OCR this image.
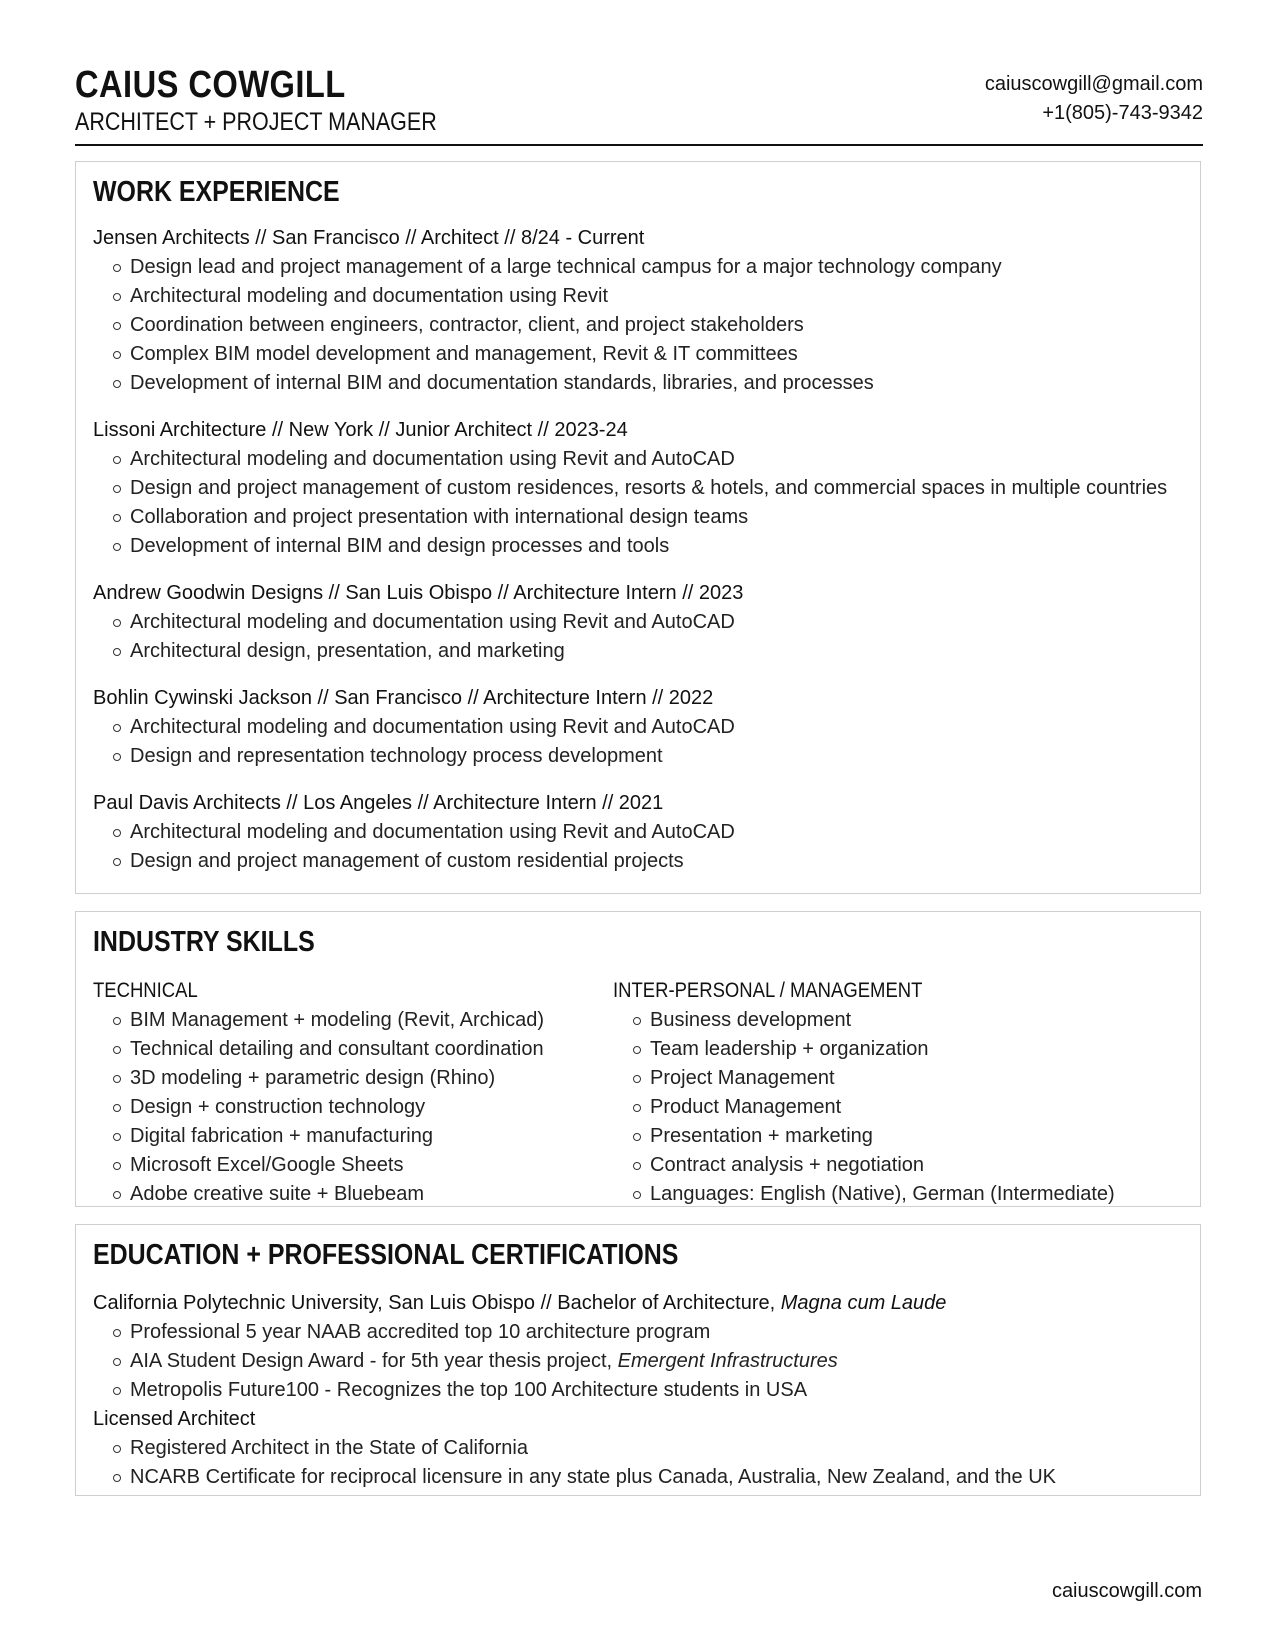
CAIUS COWGILL
ARCHITECT + PROJECT MANAGER
caiuscowgill@gmail.com
+1(805)-743-9342
WORK EXPERIENCE
Jensen Architects // San Francisco // Architect // 8/24 - Current
Design lead and project management of a large technical campus for a major technology company
Architectural modeling and documentation using Revit
Coordination between engineers, contractor, client, and project stakeholders
Complex BIM model development and management, Revit & IT committees
Development of internal BIM and documentation standards, libraries, and processes
Lissoni Architecture // New York // Junior Architect // 2023-24
Architectural modeling and documentation using Revit and AutoCAD
Design and project management of custom residences, resorts & hotels, and commercial spaces in multiple countries
Collaboration and project presentation with international design teams
Development of internal BIM and design processes and tools
Andrew Goodwin Designs // San Luis Obispo // Architecture Intern // 2023
Architectural modeling and documentation using Revit and AutoCAD
Architectural design, presentation, and marketing
Bohlin Cywinski Jackson // San Francisco // Architecture Intern // 2022
Architectural modeling and documentation using Revit and AutoCAD
Design and representation technology process development
Paul Davis Architects // Los Angeles // Architecture Intern // 2021
Architectural modeling and documentation using Revit and AutoCAD
Design and project management of custom residential projects
INDUSTRY SKILLS
TECHNICAL
BIM Management + modeling (Revit, Archicad)
Technical detailing and consultant coordination
3D modeling + parametric design (Rhino)
Design + construction technology
Digital fabrication + manufacturing
Microsoft Excel/Google Sheets
Adobe creative suite + Bluebeam
INTER-PERSONAL / MANAGEMENT
Business development
Team leadership + organization
Project Management
Product Management
Presentation + marketing
Contract analysis + negotiation
Languages: English (Native), German (Intermediate)
EDUCATION + PROFESSIONAL CERTIFICATIONS
California Polytechnic University, San Luis Obispo // Bachelor of Architecture, Magna cum Laude
Professional 5 year NAAB accredited top 10 architecture program
AIA Student Design Award - for 5th year thesis project, Emergent Infrastructures
Metropolis Future100 - Recognizes the top 100 Architecture students in USA
Licensed Architect
Registered Architect in the State of California
NCARB Certificate for reciprocal licensure in any state plus Canada, Australia, New Zealand, and the UK
caiuscowgill.com
